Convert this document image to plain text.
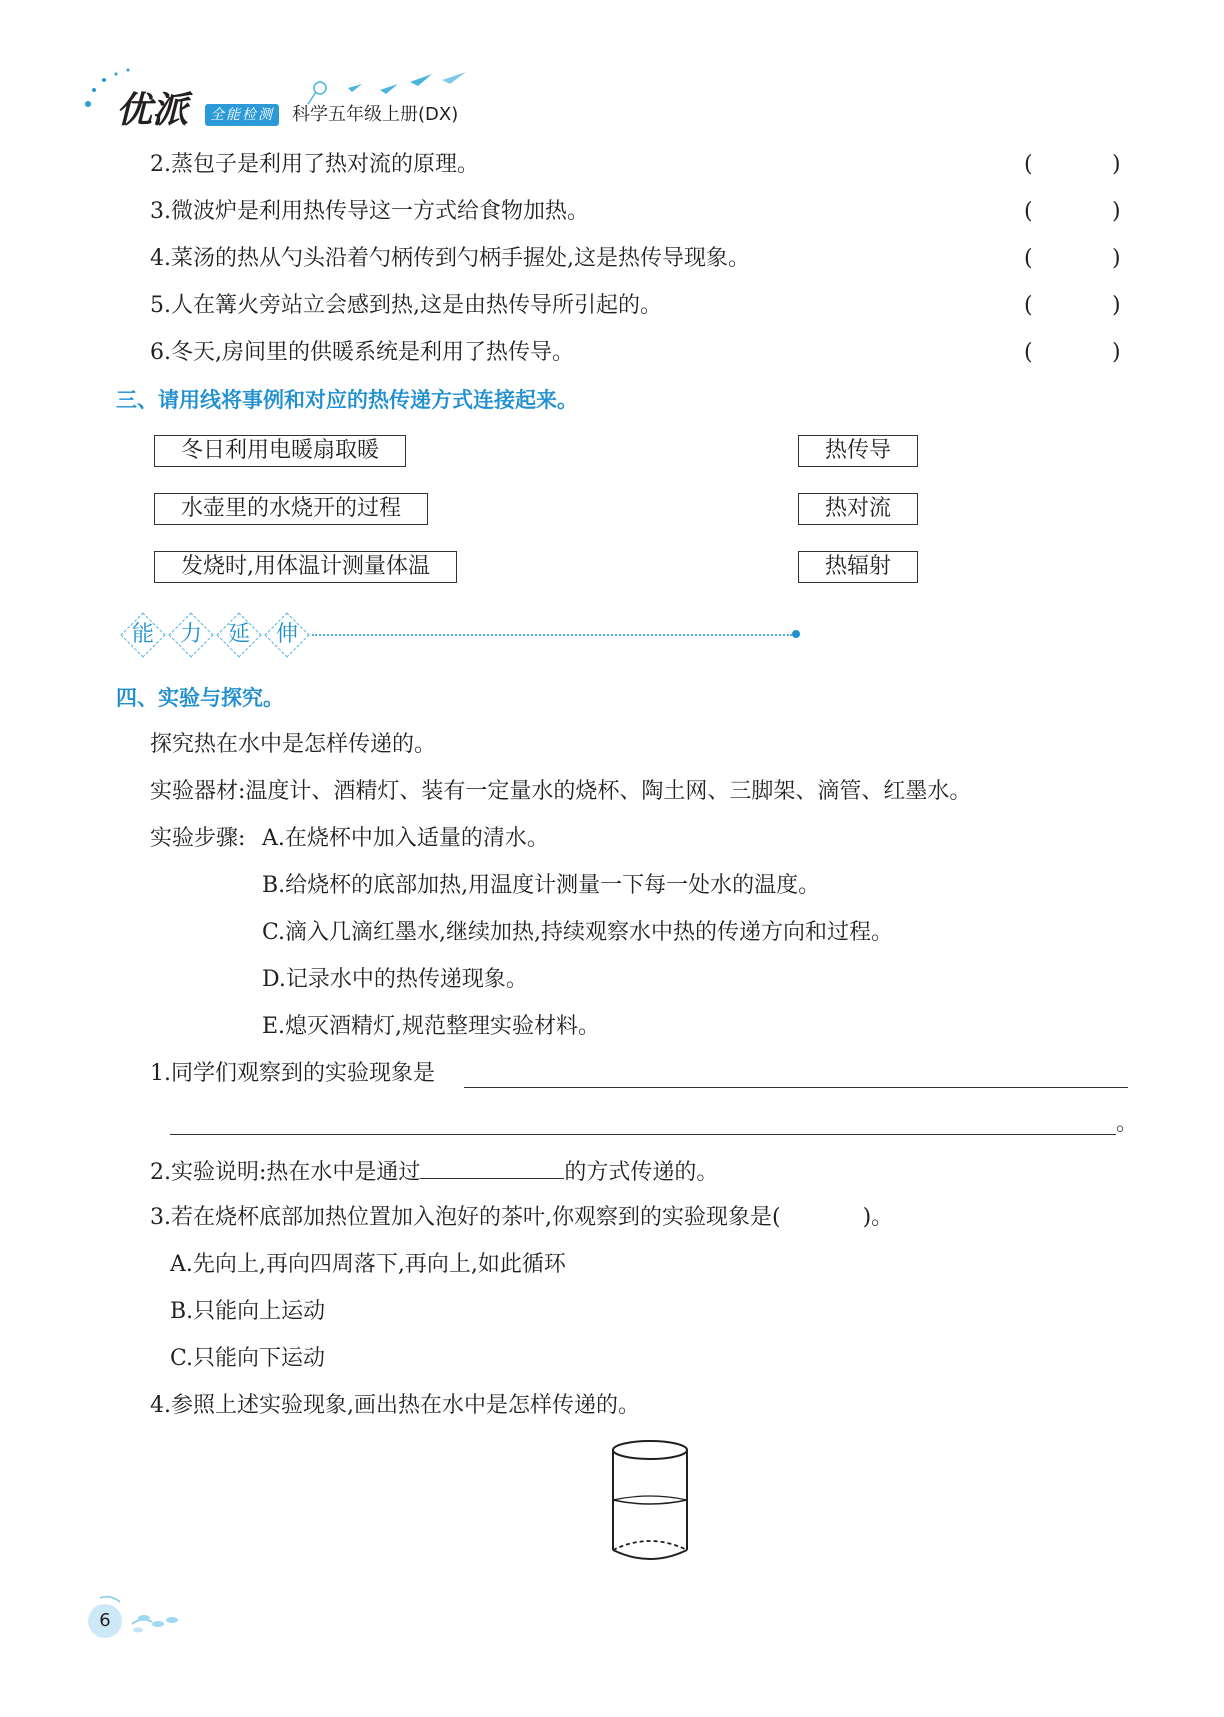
优派	全能检测 科学五年级上册(DX)
2.蒸包子是利用了热对流的原理。	(	)
3.微波炉是利用热传导这一方式给食物加热。	(	)
4.菜汤的热从勺头沿着勺柄传到勺柄手握处,这是热传导现象。	(	)
5.人在篝火旁站立会感到热,这是由热传导所引起的。	(	)
6.冬天,房间里的供暖系统是利用了热传导。	(	)
三、请用线将事例和对应的热传递方式连接起来。
冬日利用电暖扇取暖
水壶里的水烧开的过程
发烧时,用体温计测量体温
热传导
热对流
热辐射
能	力	延	伸
四、实验与探究。
探究热在水中是怎样传递的。
实验器材:温度计、酒精灯、装有一定量水的烧杯、陶土网、三脚架、滴管、红墨水。
实验步骤: A.在烧杯中加入适量的清水。
B.给烧杯的底部加热,用温度计测量一下每一处水的温度。
C.滴入几滴红墨水,继续加热,持续观察水中热的传递方向和过程。
D.记录水中的热传递现象。
E.熄灭酒精灯,规范整理实验材料。
1.同学们观察到的实验现象是
。
2.实验说明:热在水中是通过	的方式传递的。
3.若在烧杯底部加热位置加入泡好的茶叶,你观察到的实验现象是(	)。
A.先向上,再向四周落下,再向上,如此循环
B.只能向上运动
C.只能向下运动
4.参照上述实验现象,画出热在水中是怎样传递的。
6
